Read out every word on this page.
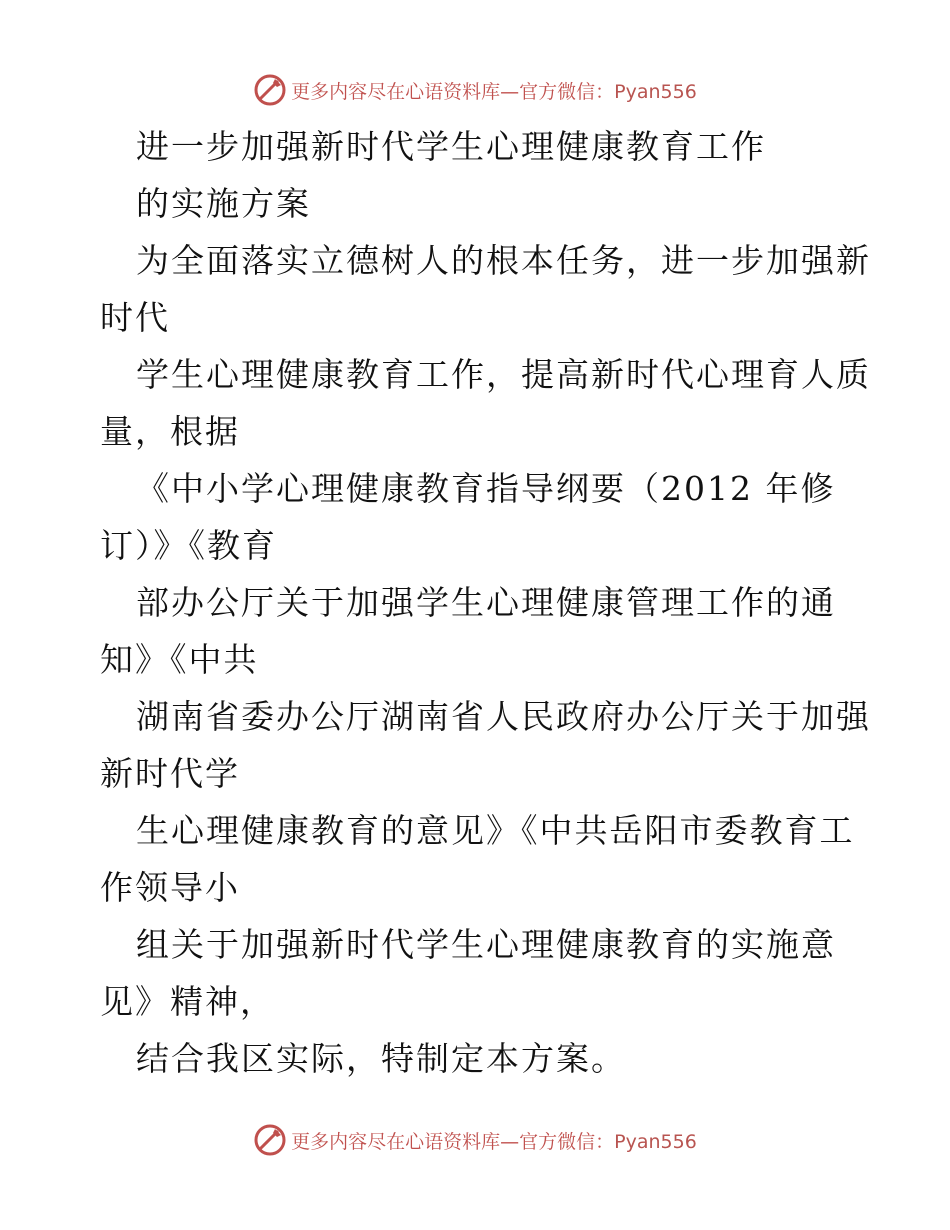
更多内容尽在心语资料库—官方微信：Pyan556
进一步加强新时代学生心理健康教育工作
的实施方案
为全面落实立德树人的根本任务，进一步加强新
时代
学生心理健康教育工作，提高新时代心理育人质
量，根据
《中小学心理健康教育指导纲要（2012 年修
订）》《教育
部办公厅关于加强学生心理健康管理工作的通
知》《中共
湖南省委办公厅湖南省人民政府办公厅关于加强
新时代学
生心理健康教育的意见》《中共岳阳市委教育工
作领导小
组关于加强新时代学生心理健康教育的实施意
见》精神，
结合我区实际，特制定本方案。
更多内容尽在心语资料库—官方微信：Pyan556
